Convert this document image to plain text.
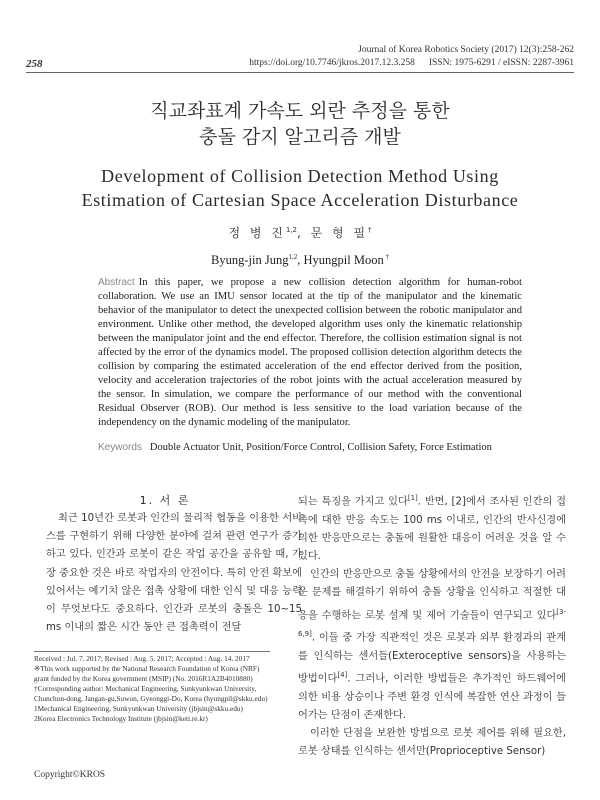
258
Journal of Korea Robotics Society (2017) 12(3):258-262
https://doi.org/10.7746/jkros.2017.12.3.258 ISSN: 1975-6291 / eISSN: 2287-3961
직교좌표계 가속도 외란 추정을 통한
충돌 감지 알고리즘 개발
Development of Collision Detection Method Using
Estimation of Cartesian Space Acceleration Disturbance
정 병 진$^{1,2}$, 문 형 필†
Byung-jin Jung$^{1,2}$, Hyungpil Moon †
Abstract In this paper, we propose a new collision detection algorithm for human-robot collaboration. We use an IMU sensor located at the tip of the manipulator and the kinematic behavior of the manipulator to detect the unexpected collision between the robotic manipulator and environment. Unlike other method, the developed algorithm uses only the kinematic relationship between the manipulator joint and the end effector. Therefore, the collision estimation signal is not affected by the error of the dynamics model. The proposed collision detection algorithm detects the collision by comparing the estimated acceleration of the end effector derived from the position, velocity and acceleration trajectories of the robot joints with the actual acceleration measured by the sensor. In simulation, we compare the performance of our method with the conventional Residual Observer (ROB). Our method is less sensitive to the load variation because of the independency on the dynamic modeling of the manipulator.
Keywords Double Actuator Unit, Position/Force Control, Collision Safety, Force Estimation
1. 서 론

최근 10년간 로봇과 인간의 물리적 협동을 이용한 서비스를 구현하기 위해 다양한 분야에 걸쳐 관련 연구가 증가하고 있다. 인간과 로봇이 같은 작업 공간을 공유할 때, 가장 중요한 것은 바로 작업자의 안전이다. 특히 안전 확보에 있어서는 예기치 않은 접촉 상황에 대한 인식 및 대응 능력이 무엇보다도 중요하다. 인간과 로봇의 충돌은 10~15 ms 이내의 짧은 시간 동안 큰 접촉력이 전달

되는 특징을 가지고 있다[1]. 반면, [2]에서 조사된 인간의 접촉에 대한 반응 속도는 100 ms 이내로, 인간의 반사신경에 의한 반응만으로는 충돌에 원활한 대응이 어려운 것을 알 수 있다.

인간의 반응만으로 충돌 상황에서의 안전을 보장하기 어려운 문제를 해결하기 위하여 충돌 상황을 인식하고 적절한 대응을 수행하는 로봇 설계 및 제어 기술들이 연구되고 있다[3-6,9]. 이들 중 가장 직관적인 것은 로봇과 외부 환경과의 관계를 인식하는 센서들(Exteroceptive sensors)을 사용하는 방법이다[4]. 그러나, 이러한 방법들은 추가적인 하드웨어에 의한 비용 상승이나 주변 환경 인식에 복잡한 연산 과정이 들어가는 단점이 존재한다.

이러한 단점을 보완한 방법으로 로봇 제어를 위해 필요한, 로봇 상태를 인식하는 센서만(Proprioceptive Sensor)

Received : Jul. 7. 2017; Revised : Aug. 5. 2017; Accepted : Aug. 14. 2017
※This work supported by the National Research Foundation of Korea (NRF)
grant funded by the Korea government (MSIP) (No. 2016R1A2B4010880)
†Corresponding author: Mechanical Engineering, Sunkyunkwan University,
Chunchun-dong, Jangan-gu,Suwon, Gyeonggi-Do, Korea (hyungpil@skku.edu)
1Mechanical Engineering, Sunkyunkwan University (jbjsin@skku.edu)
2Korea Electronics Technology Institute (jbjsin@keti.re.kr)
Copyright©KROS
